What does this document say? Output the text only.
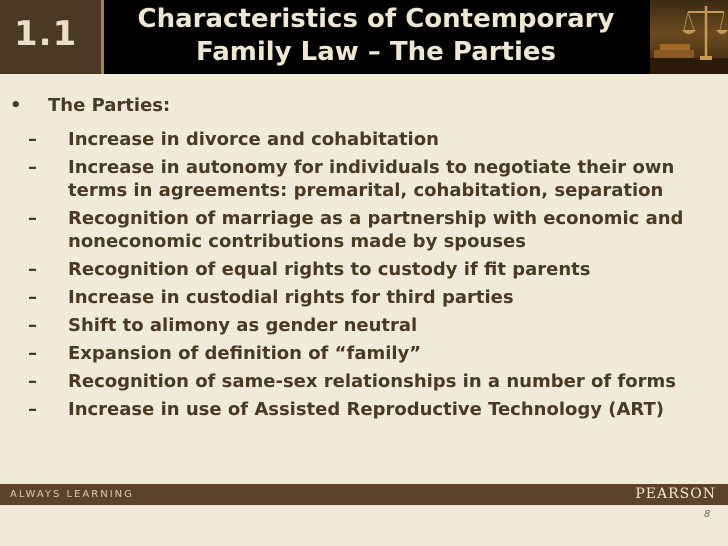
1.1	Characteristics of Contemporary
Family Law – The Parties
• The Parties:
– Increase in divorce and cohabitation
– Increase in autonomy for individuals to negotiate their own terms in agreements: premarital, cohabitation, separation
– Recognition of marriage as a partnership with economic and noneconomic contributions made by spouses
– Recognition of equal rights to custody if fit parents
– Increase in custodial rights for third parties
– Shift to alimony as gender neutral
– Expansion of definition of “family”
– Recognition of same-sex relationships in a number of forms
– Increase in use of Assisted Reproductive Technology (ART)
ALWAYS LEARNING	PEARSON
8
